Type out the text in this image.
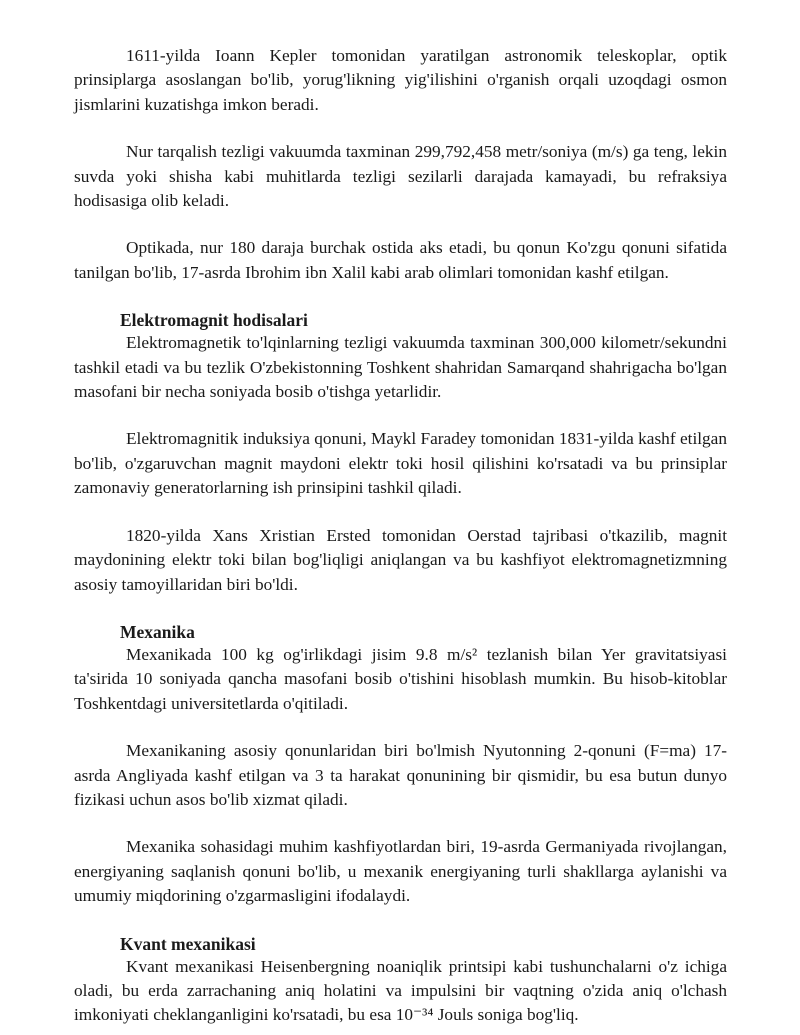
1611-yilda Ioann Kepler tomonidan yaratilgan astronomik teleskoplar, optik prinsiplarga asoslangan bo'lib, yorug'likning yig'ilishini o'rganish orqali uzoqdagi osmon jismlarini kuzatishga imkon beradi.

Nur tarqalish tezligi vakuumda taxminan 299,792,458 metr/soniya (m/s) ga teng, lekin suvda yoki shisha kabi muhitlarda tezligi sezilarli darajada kamayadi, bu refraksiya hodisasiga olib keladi.

Optikada, nur 180 daraja burchak ostida aks etadi, bu qonun Ko'zgu qonuni sifatida tanilgan bo'lib, 17-asrda Ibrohim ibn Xalil kabi arab olimlari tomonidan kashf etilgan.

Elektromagnit hodisalari

Elektromagnetik to'lqinlarning tezligi vakuumda taxminan 300,000 kilometr/sekundni tashkil etadi va bu tezlik O'zbekistonning Toshkent shahridan Samarqand shahrigacha bo'lgan masofani bir necha soniyada bosib o'tishga yetarlidir.

Elektromagnitik induksiya qonuni, Maykl Faradey tomonidan 1831-yilda kashf etilgan bo'lib, o'zgaruvchan magnit maydoni elektr toki hosil qilishini ko'rsatadi va bu prinsiplar zamonaviy generatorlarning ish prinsipini tashkil qiladi.

1820-yilda Xans Xristian Ersted tomonidan Oerstad tajribasi o'tkazilib, magnit maydonining elektr toki bilan bog'liqligi aniqlangan va bu kashfiyot elektromagnetizmning asosiy tamoyillaridan biri bo'ldi.

Mexanika

Mexanikada 100 kg og'irlikdagi jisim 9.8 m/s² tezlanish bilan Yer gravitatsiyasi ta'sirida 10 soniyada qancha masofani bosib o'tishini hisoblash mumkin. Bu hisob-kitoblar Toshkentdagi universitetlarda o'qitiladi.

Mexanikaning asosiy qonunlaridan biri bo'lmish Nyutonning 2-qonuni (F=ma) 17-asrda Angliyada kashf etilgan va 3 ta harakat qonunining bir qismidir, bu esa butun dunyo fizikasi uchun asos bo'lib xizmat qiladi.

Mexanika sohasidagi muhim kashfiyotlardan biri, 19-asrda Germaniyada rivojlangan, energiyaning saqlanish qonuni bo'lib, u mexanik energiyaning turli shakllarga aylanishi va umumiy miqdorining o'zgarmasligini ifodalaydi.

Kvant mexanikasi

Kvant mexanikasi Heisenbergning noaniqlik printsipi kabi tushunchalarni o'z ichiga oladi, bu erda zarrachaning aniq holatini va impulsini bir vaqtning o'zida aniq o'lchash imkoniyati cheklanganligini ko'rsatadi, bu esa 10⁻³⁴ Jouls soniga bog'liq.
